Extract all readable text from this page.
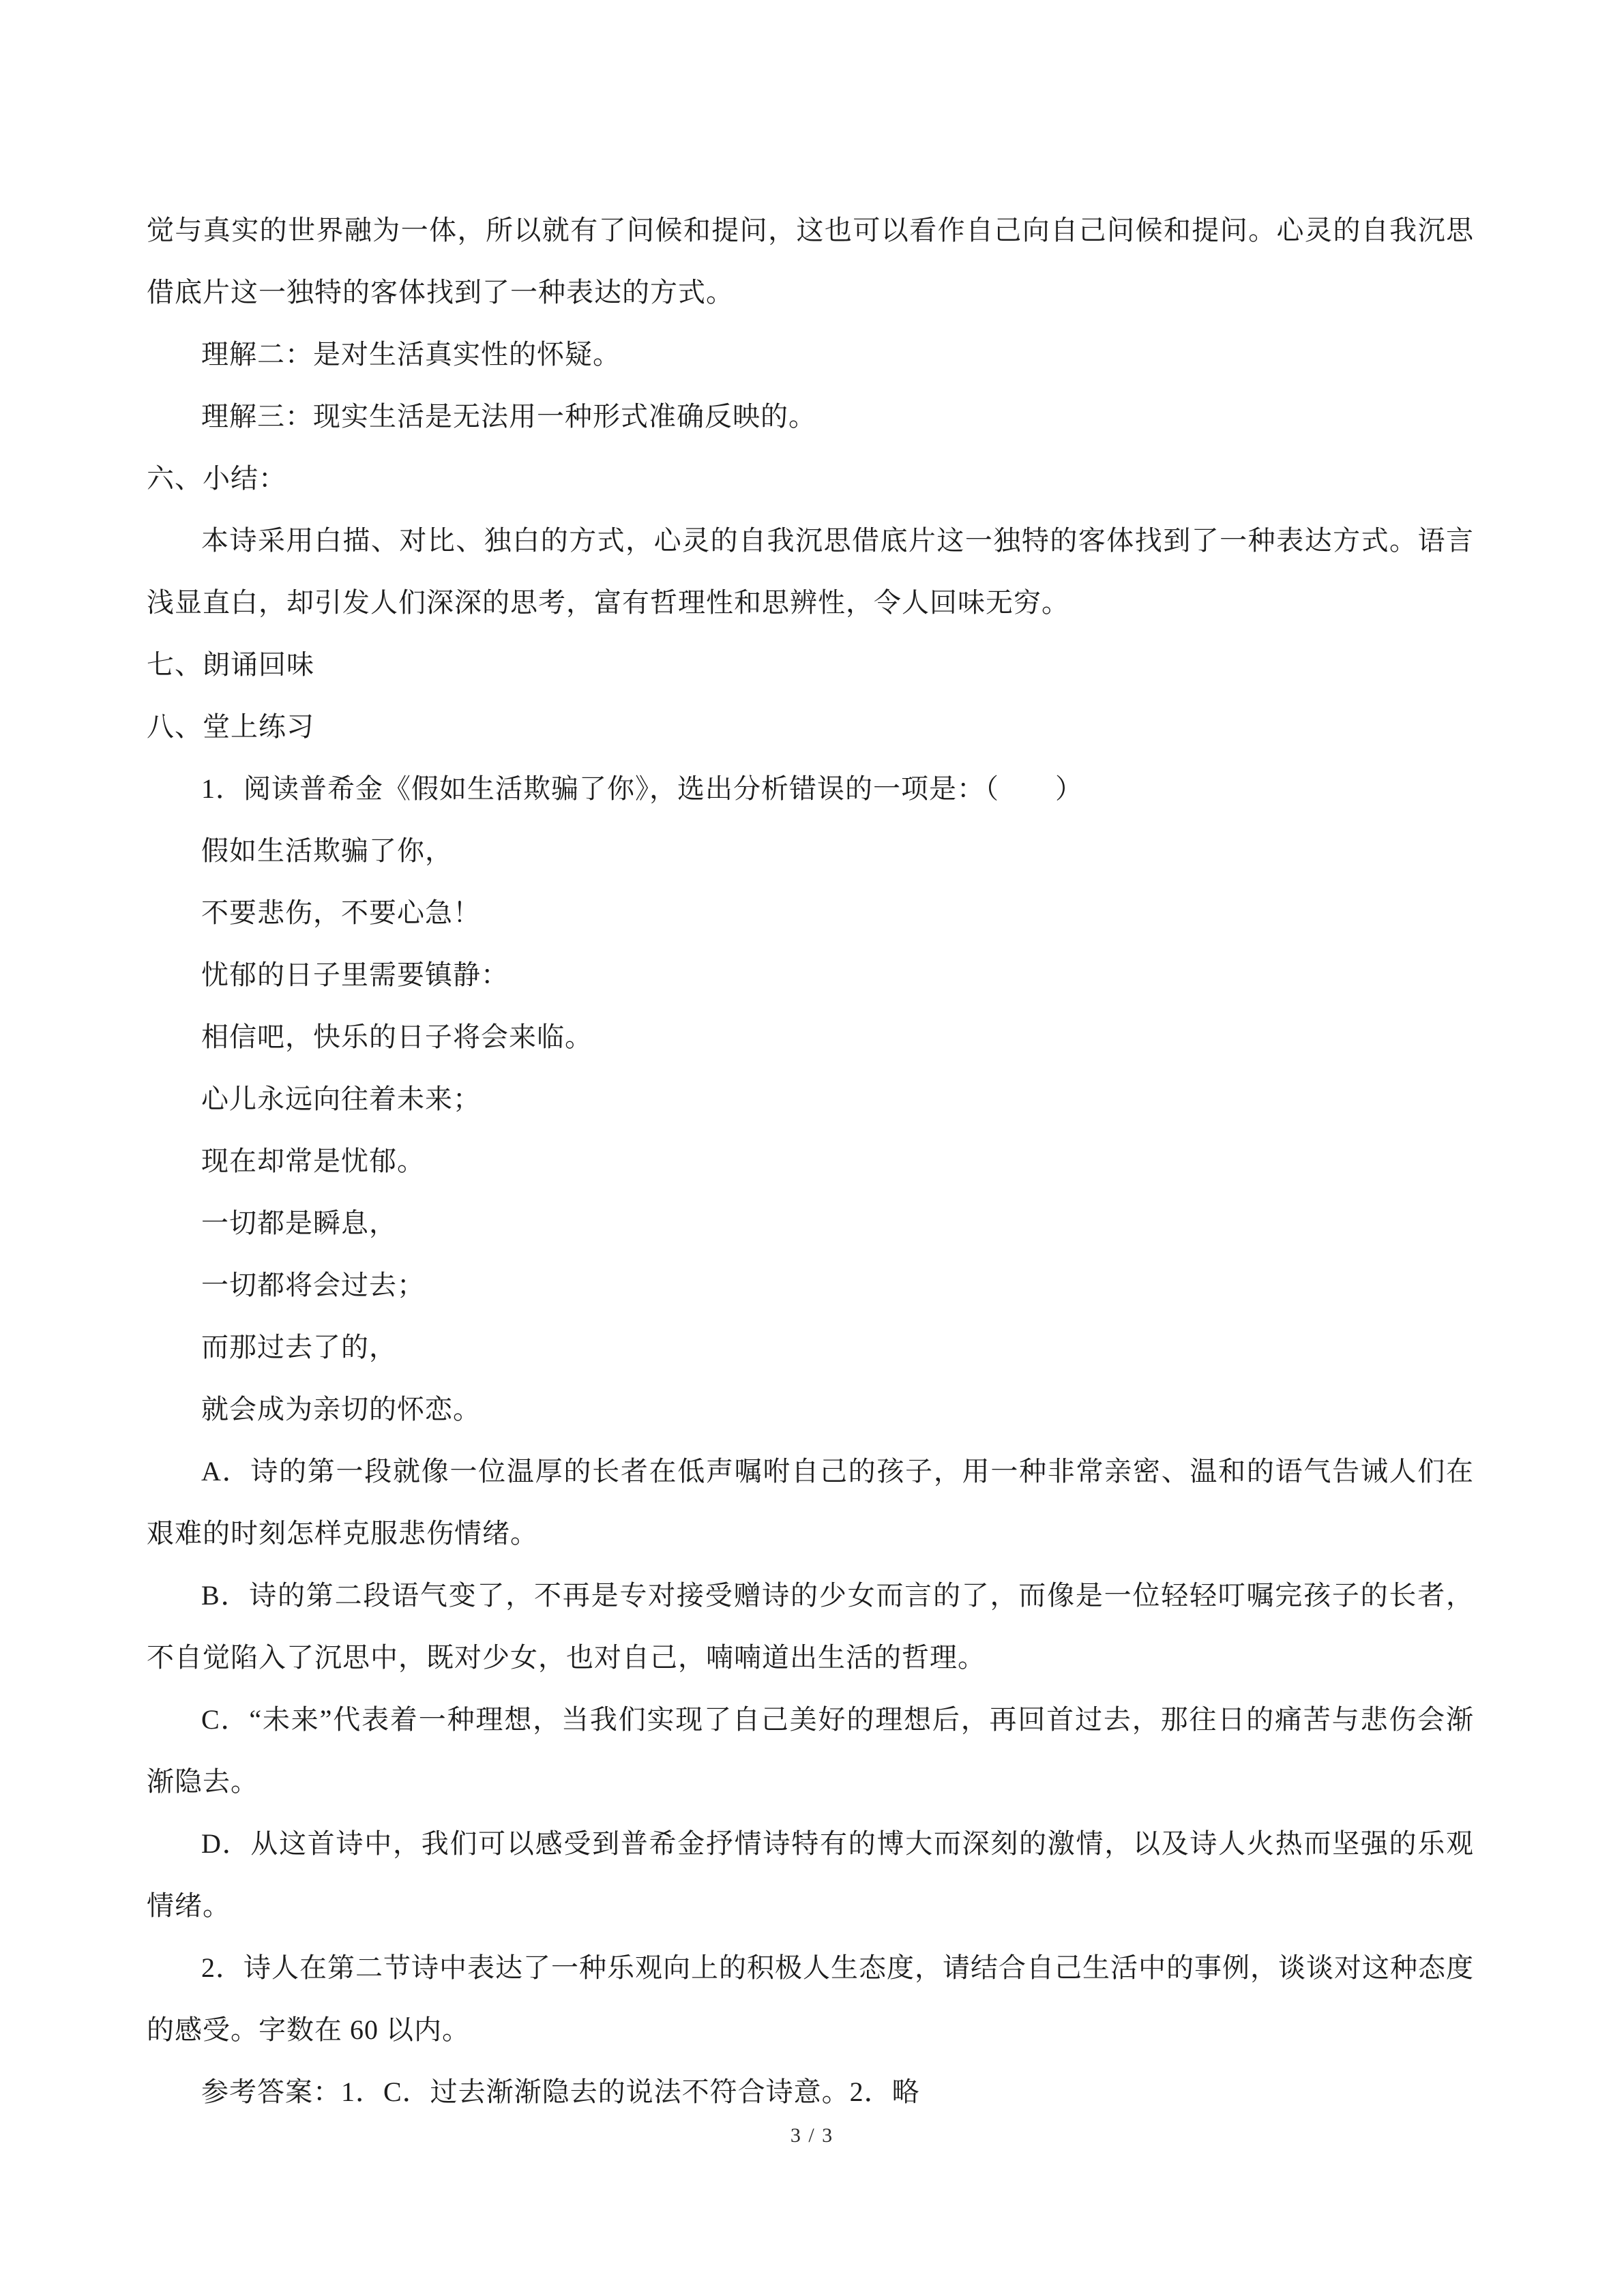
觉与真实的世界融为一体，所以就有了问候和提问，这也可以看作自己向自己问候和提问。心灵的自我沉思借底片这一独特的客体找到了一种表达的方式。

理解二：是对生活真实性的怀疑。

理解三：现实生活是无法用一种形式准确反映的。

六、小结：

本诗采用白描、对比、独白的方式，心灵的自我沉思借底片这一独特的客体找到了一种表达方式。语言浅显直白，却引发人们深深的思考，富有哲理性和思辨性，令人回味无穷。

七、朗诵回味

八、堂上练习

1．阅读普希金《假如生活欺骗了你》，选出分析错误的一项是：（　　）

假如生活欺骗了你，

不要悲伤，不要心急！

忧郁的日子里需要镇静：

相信吧，快乐的日子将会来临。

心儿永远向往着未来；

现在却常是忧郁。

一切都是瞬息，

一切都将会过去；

而那过去了的，

就会成为亲切的怀恋。

A．诗的第一段就像一位温厚的长者在低声嘱咐自己的孩子，用一种非常亲密、温和的语气告诫人们在艰难的时刻怎样克服悲伤情绪。

B．诗的第二段语气变了，不再是专对接受赠诗的少女而言的了，而像是一位轻轻叮嘱完孩子的长者，不自觉陷入了沉思中，既对少女，也对自己，喃喃道出生活的哲理。

C．“未来”代表着一种理想，当我们实现了自己美好的理想后，再回首过去，那往日的痛苦与悲伤会渐渐隐去。

D．从这首诗中，我们可以感受到普希金抒情诗特有的博大而深刻的激情，以及诗人火热而坚强的乐观情绪。

2．诗人在第二节诗中表达了一种乐观向上的积极人生态度，请结合自己生活中的事例，谈谈对这种态度的感受。字数在 60 以内。

参考答案：1．C．过去渐渐隐去的说法不符合诗意。2．略

3 / 3
